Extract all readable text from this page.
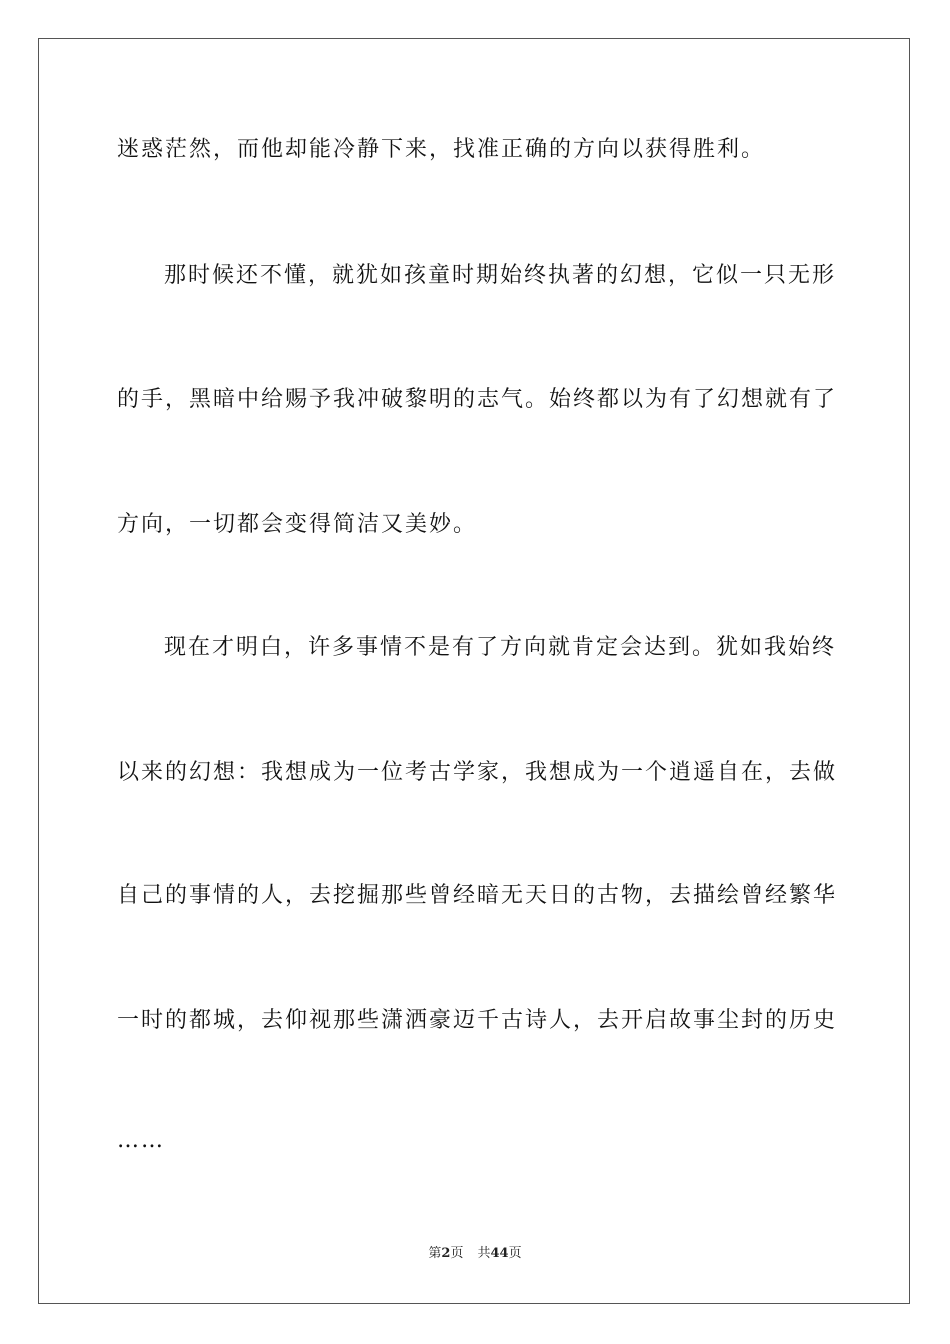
迷惑茫然，而他却能冷静下来，找准正确的方向以获得胜利。
那时候还不懂，就犹如孩童时期始终执著的幻想，它似一只无形
的手，黑暗中给赐予我冲破黎明的志气。始终都以为有了幻想就有了
方向，一切都会变得简洁又美妙。
现在才明白，许多事情不是有了方向就肯定会达到。犹如我始终
以来的幻想：我想成为一位考古学家，我想成为一个逍遥自在，去做
自己的事情的人，去挖掘那些曾经暗无天日的古物，去描绘曾经繁华
一时的都城，去仰视那些潇洒豪迈千古诗人，去开启故事尘封的历史
……
第2页 共44页
